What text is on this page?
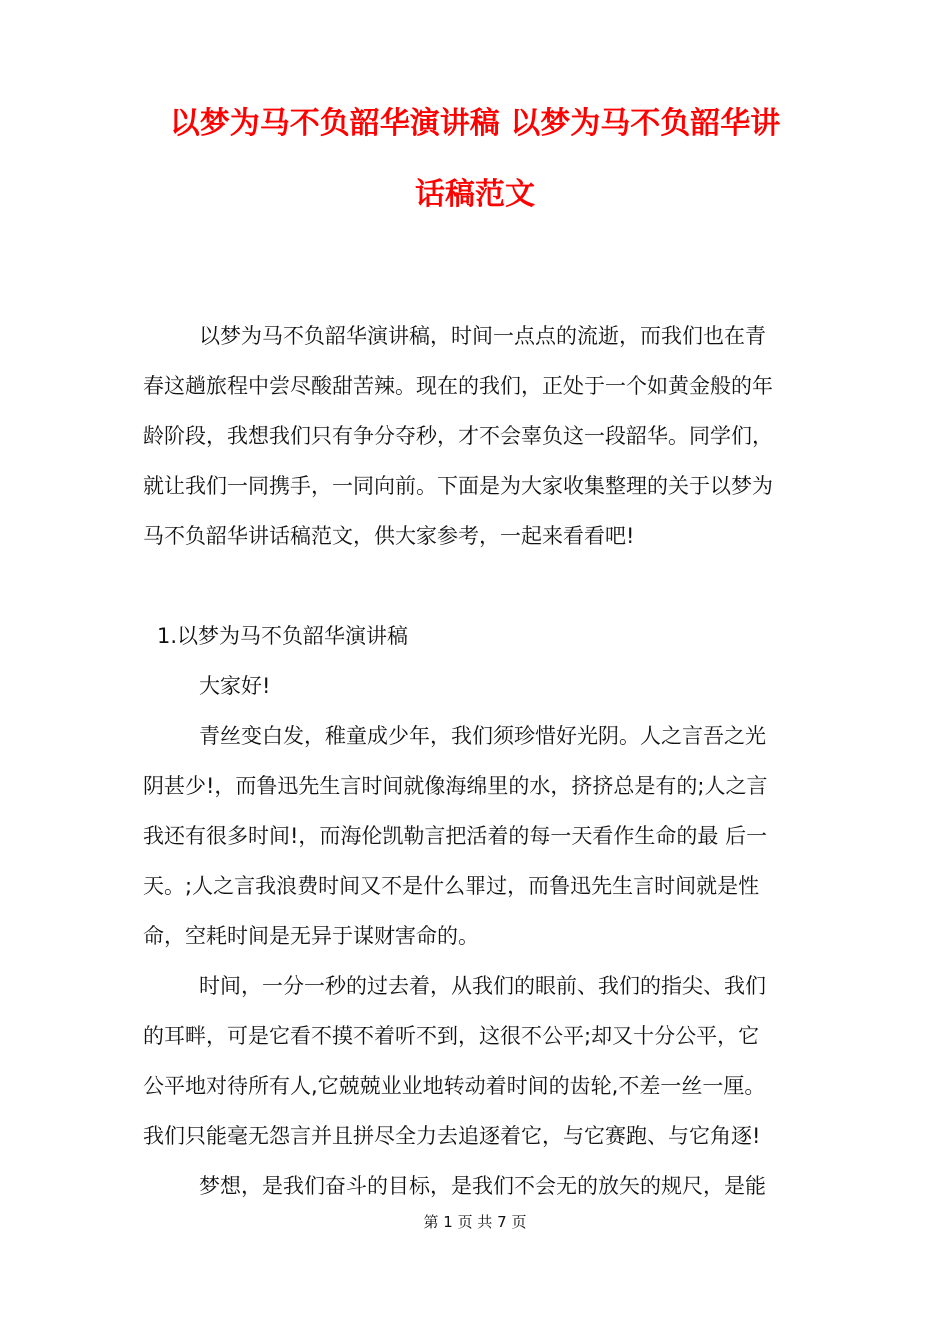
以梦为马不负韶华演讲稿 以梦为马不负韶华讲
话稿范文
以梦为马不负韶华演讲稿，时间一点点的流逝，而我们也在青
春这趟旅程中尝尽酸甜苦辣。现在的我们，正处于一个如黄金般的年
龄阶段，我想我们只有争分夺秒，才不会辜负这一段韶华。同学们，
就让我们一同携手，一同向前。下面是为大家收集整理的关于以梦为
马不负韶华讲话稿范文，供大家参考，一起来看看吧!
1.以梦为马不负韶华演讲稿
大家好!
青丝变白发，稚童成少年，我们须珍惜好光阴。人之言吾之光
阴甚少!，而鲁迅先生言时间就像海绵里的水，挤挤总是有的;人之言
我还有很多时间!，而海伦凯勒言把活着的每一天看作生命的最 后一
天。;人之言我浪费时间又不是什么罪过，而鲁迅先生言时间就是性
命，空耗时间是无异于谋财害命的。
时间，一分一秒的过去着，从我们的眼前、我们的指尖、我们
的耳畔，可是它看不摸不着听不到，这很不公平;却又十分公平，它
公平地对待所有人,它兢兢业业地转动着时间的齿轮,不差一丝一厘。
我们只能毫无怨言并且拼尽全力去追逐着它，与它赛跑、与它角逐!
梦想，是我们奋斗的目标，是我们不会无的放矢的规尺，是能
第 1 页 共 7 页
